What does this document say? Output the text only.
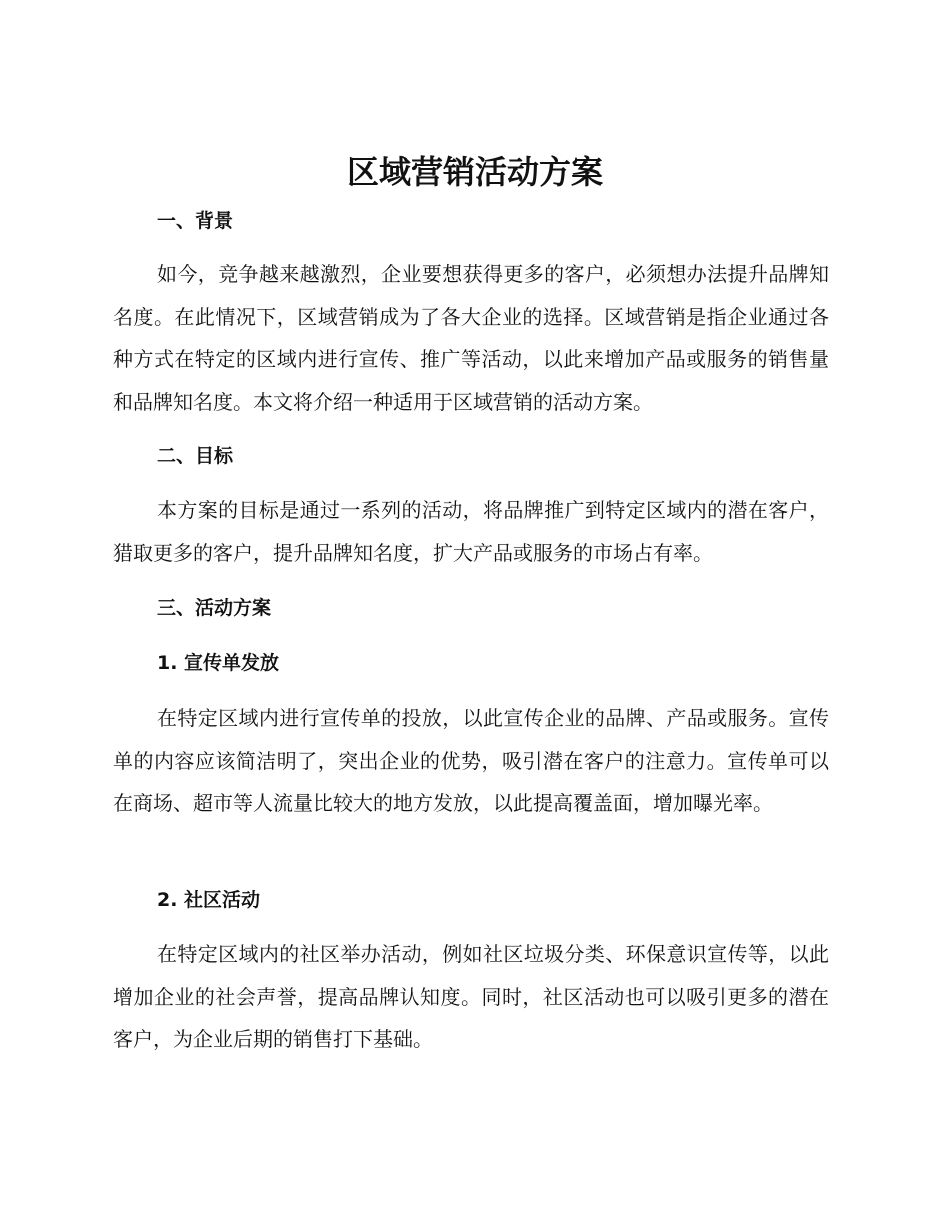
区域营销活动方案
一、背景

如今，竞争越来越激烈，企业要想获得更多的客户，必须想办法提升品牌知名度。在此情况下，区域营销成为了各大企业的选择。区域营销是指企业通过各种方式在特定的区域内进行宣传、推广等活动，以此来增加产品或服务的销售量和品牌知名度。本文将介绍一种适用于区域营销的活动方案。

二、目标

本方案的目标是通过一系列的活动，将品牌推广到特定区域内的潜在客户，猎取更多的客户，提升品牌知名度，扩大产品或服务的市场占有率。

三、活动方案
1. 宣传单发放

在特定区域内进行宣传单的投放，以此宣传企业的品牌、产品或服务。宣传单的内容应该简洁明了，突出企业的优势，吸引潜在客户的注意力。宣传单可以在商场、超市等人流量比较大的地方发放，以此提高覆盖面，增加曝光率。

2. 社区活动

在特定区域内的社区举办活动，例如社区垃圾分类、环保意识宣传等，以此增加企业的社会声誉，提高品牌认知度。同时，社区活动也可以吸引更多的潜在客户，为企业后期的销售打下基础。
